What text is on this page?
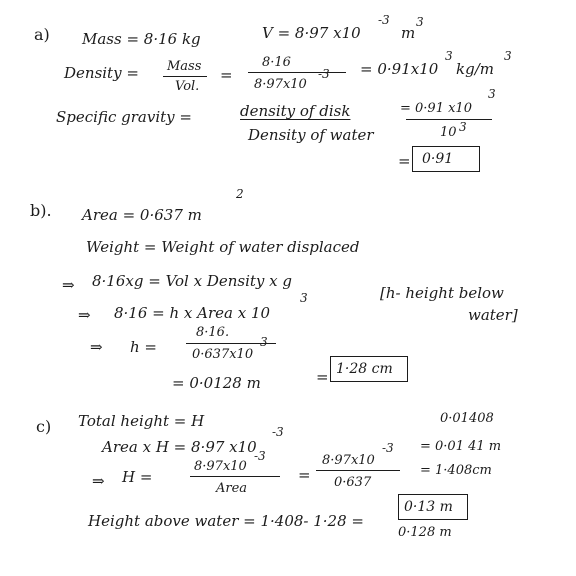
a) Mass = 8·16 kg	V = 8·97 x10
-3
m
3
Density = Mass
Vol.
=
8·16
8·97x10
-3 = 0·91x10
3
kg/m
3
Specific gravity =	density of disk
Density of water
= 0·91 x10
3
10 3
= 0·91
b). Area = 0·637 m
2
Weight = Weight of water displaced
⇒ 8·16xg = Vol x Density x g
⇒ 8·16 = h x Area x 10
3	[h- height below
water]
⇒ h =
8·16.
0·637x10
3
= 0·0128 m	= 1·28 cm
c) Total height = H
Area x H = 8·97 x10
-3
⇒ H =
8·97x10
-3
Area
=
8·97x10
-3
0·637
0·01408
= 0·01 41 m
= 1·408cm
Height above water = 1·408- 1·28 =
0·13 m
0·128 m
